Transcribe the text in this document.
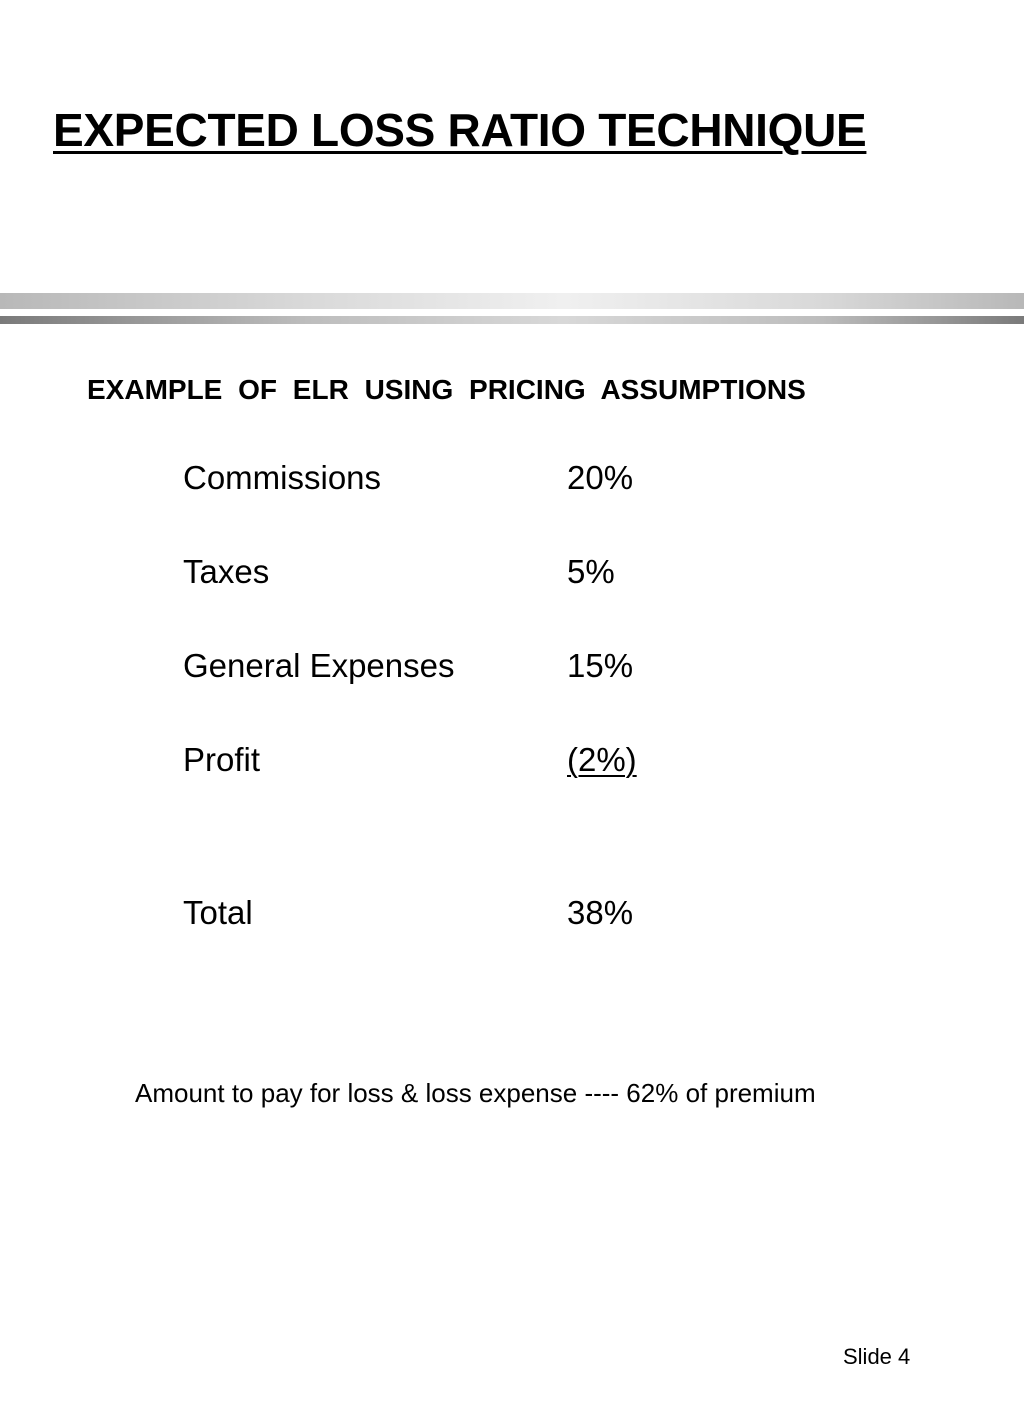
EXPECTED LOSS RATIO TECHNIQUE
EXAMPLE OF ELR USING PRICING ASSUMPTIONS
Commissions	20%
Taxes	5%
General Expenses	15%
Profit	(2%)
Total	38%

Amount to pay for loss & loss expense ---- 62% of premium

Slide 4
